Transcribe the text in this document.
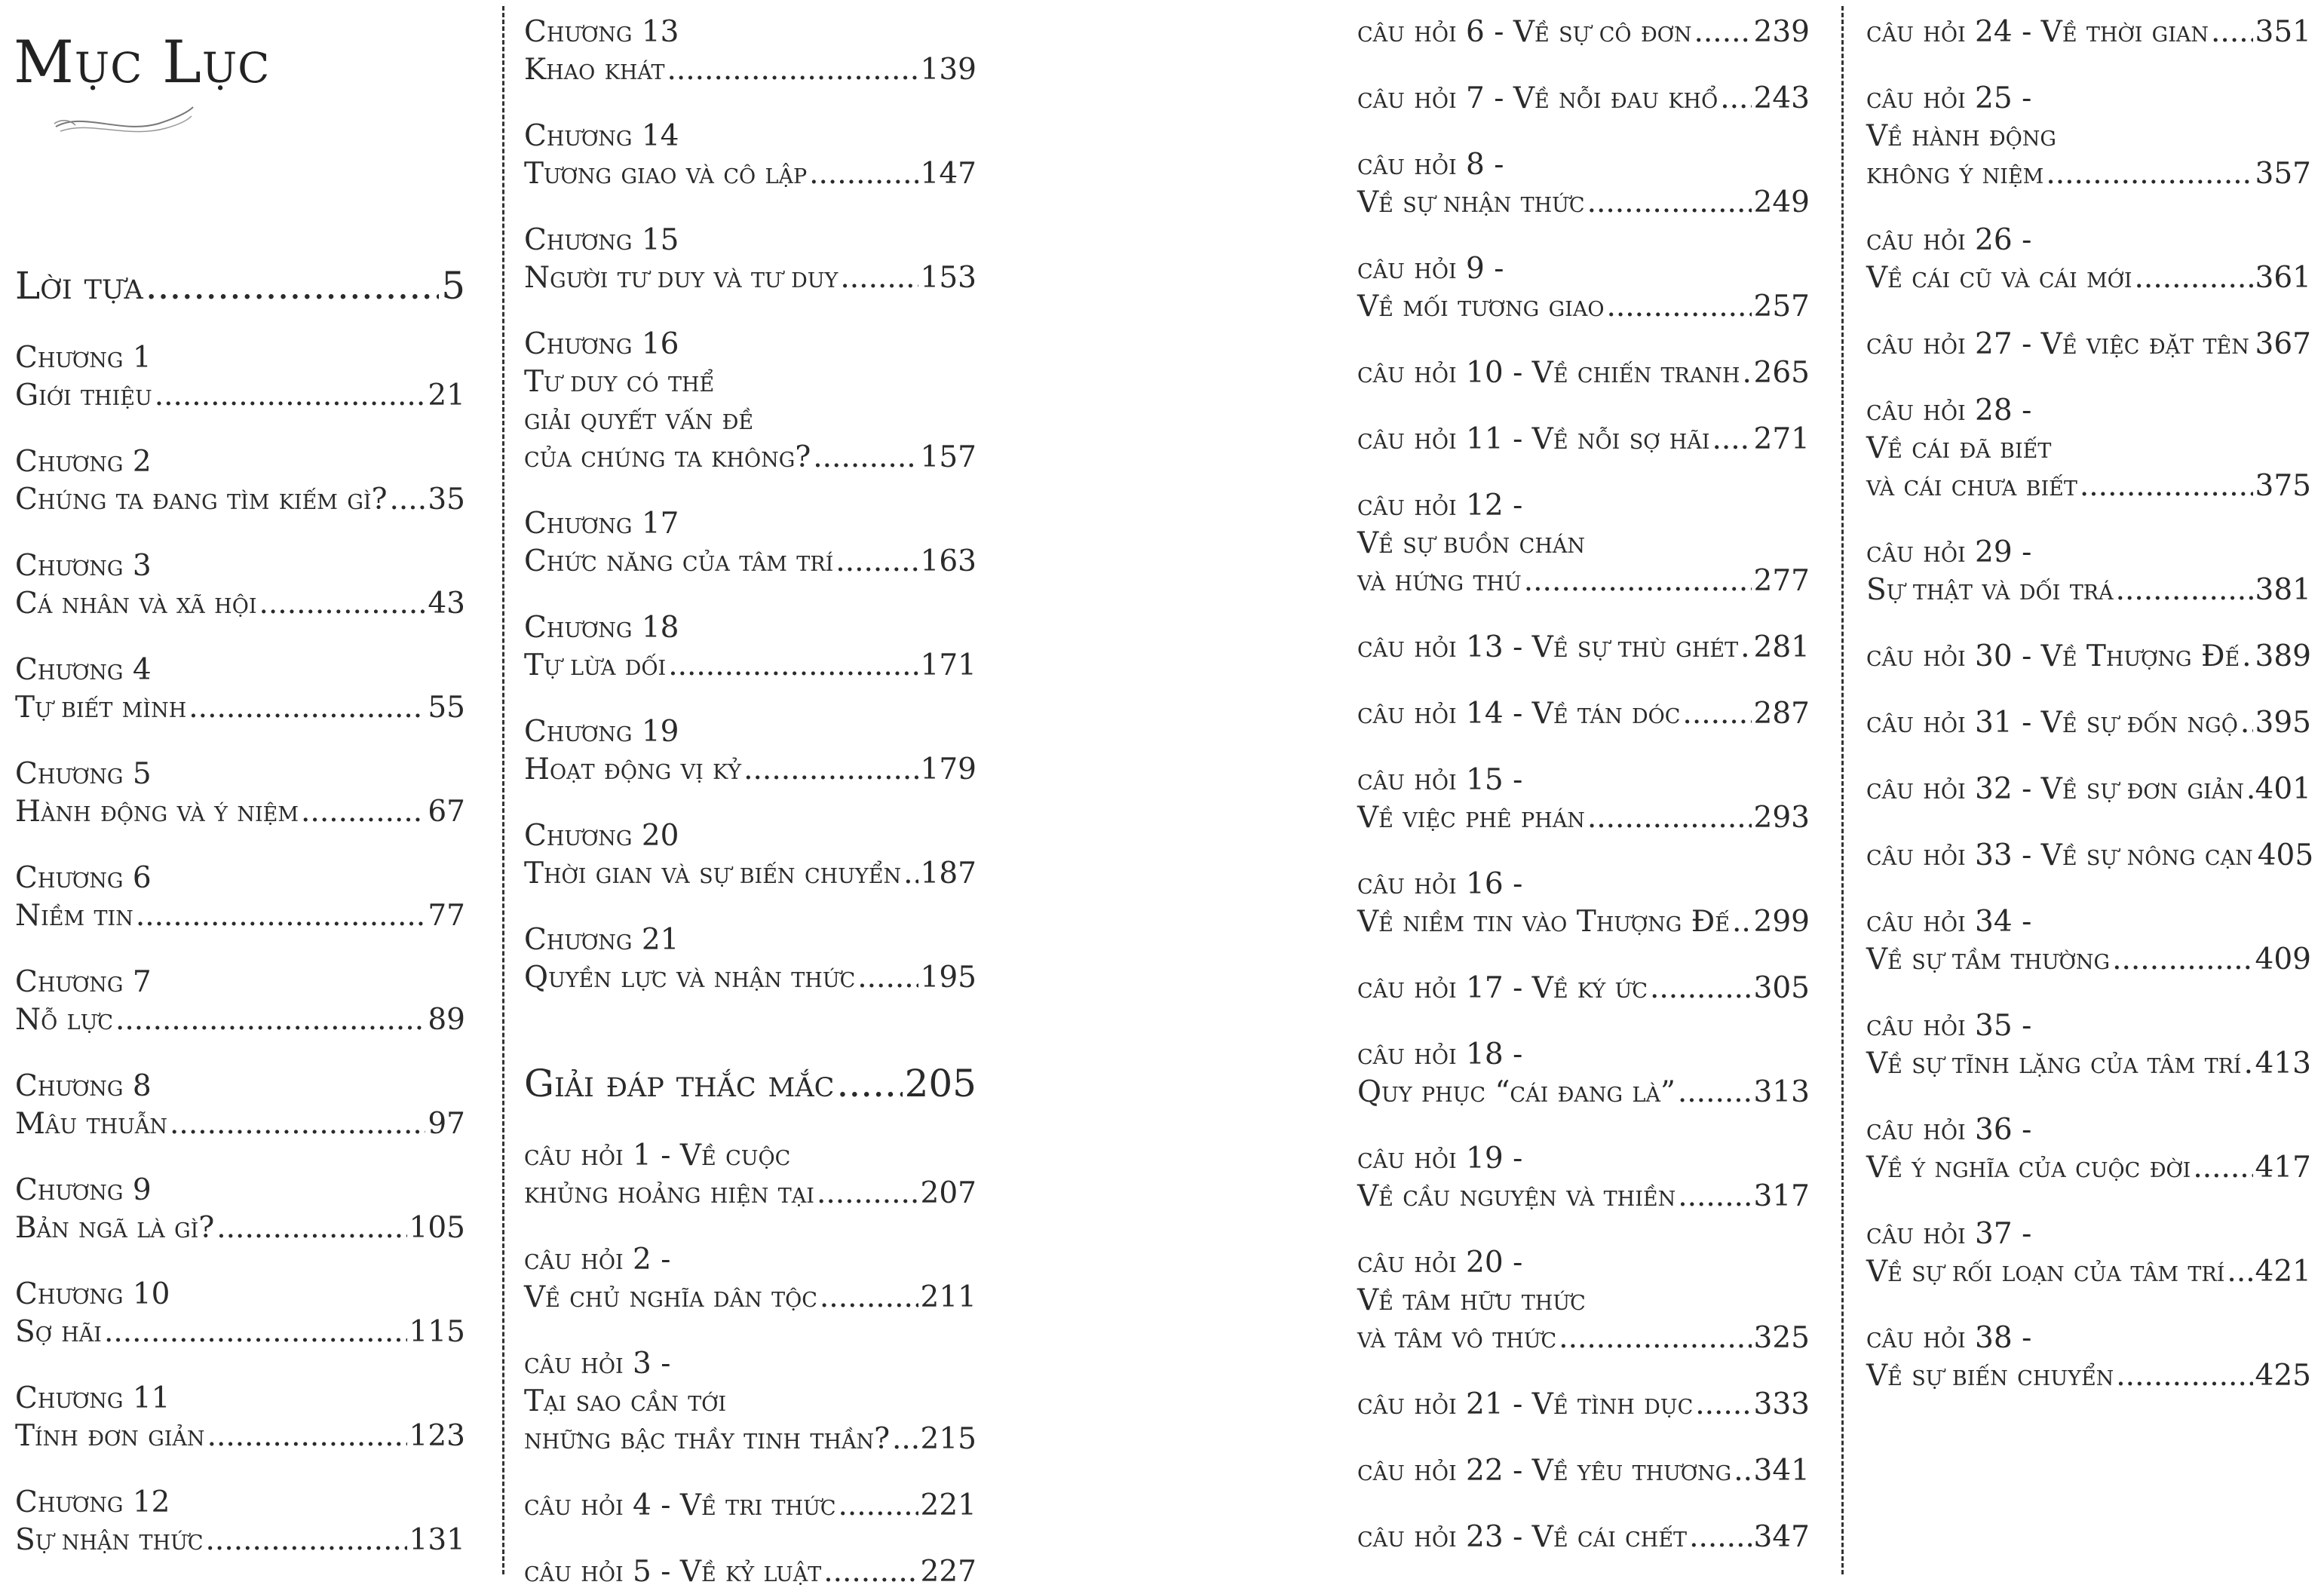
Mục Lục
Lời tựa .....	5
Chương 1
Giới thiệu .....	21
Chương 2
Chúng ta đang tìm kiếm gì? ..... 35
Chương 3
Cá nhân và xã hội .....	43
Chương 4
Tự biết mình .....	55
Chương 5
Hành động và ý niệm .....	67
Chương 6
Niềm tin .....	77
Chương 7
Nỗ lực .....	89
Chương 8
Mâu thuẫn .....	97
Chương 9
Bản ngã là gì? .....	105
Chương 10
Sợ hãi .....	115
Chương 11
Tính đơn giản .....	123
Chương 12
Sự nhận thức .....	131
Chương 13
Khao khát .....	139
Chương 14
Tương giao và cô lập .....	147
Chương 15
Người tư duy và tư duy .....	153
Chương 16
Tư duy có thể
giải quyết vấn đề
của chúng ta không? .....	157
Chương 17
Chức năng của tâm trí .....	163
Chương 18
Tự lừa dối .....	171
Chương 19
Hoạt động vị kỷ .....	179
Chương 20
Thời gian và sự biến chuyển ..... 187
Chương 21
Quyền lực và nhận thức ..... 195
Giải đáp thắc mắc ..... 205
câu hỏi 1 - Về cuộc
khủng hoảng hiện tại .....	207
câu hỏi 2 -
Về chủ nghĩa dân tộc .....	211
câu hỏi 3 -
Tại sao cần tới
những bậc thầy tinh thần? ..... 215
câu hỏi 4 - Về tri thức .....	221
câu hỏi 5 - Về kỷ luật .....	227
câu hỏi 6 - Về sự cô đơn ..... 239
câu hỏi 7 - Về nỗi đau khổ ..... 243
câu hỏi 8 -
Về sự nhận thức .....	249
câu hỏi 9 -
Về mối tương giao .....	257
câu hỏi 10 - Về chiến tranh ..... 265
câu hỏi 11 - Về nỗi sợ hãi ..... 271
câu hỏi 12 -
Về sự buồn chán
và hứng thú .....	277
câu hỏi 13 - Về sự thù ghét ..... 281
câu hỏi 14 - Về tán dóc ..... 287
câu hỏi 15 -
Về việc phê phán .....	293
câu hỏi 16 -
Về niềm tin vào Thượng Đế ..... 299
câu hỏi 17 - Về ký ức .....	305
câu hỏi 18 -
Quy phục “cái đang là” .....	313
câu hỏi 19 -
Về cầu nguyện và thiền .....	317
câu hỏi 20 -
Về tâm hữu thức
và tâm vô thức .....	325
câu hỏi 21 - Về tình dục ..... 333
câu hỏi 22 - Về yêu thương ..... 341
câu hỏi 23 - Về cái chết ..... 347
câu hỏi 24 - Về thời gian ..... 351
câu hỏi 25 -
Về hành động
không ý niệm .....	357
câu hỏi 26 -
Về cái cũ và cái mới .....	361
câu hỏi 27 - Về việc đặt tên ..... 367
câu hỏi 28 -
Về cái đã biết
và cái chưa biết .....	375
câu hỏi 29 -
Sự thật và dối trá .....	381
câu hỏi 30 - Về Thượng Đế ..... 389
câu hỏi 31 - Về sự đốn ngộ ..... 395
câu hỏi 32 - Về sự đơn giản ..... 401
câu hỏi 33 - Về sự nông cạn 405
câu hỏi 34 -
Về sự tầm thường .....	409
câu hỏi 35 -
Về sự tĩnh lặng của tâm trí ..... 413
câu hỏi 36 -
Về ý nghĩa của cuộc đời ..... 417
câu hỏi 37 -
Về sự rối loạn của tâm trí ..... 421
câu hỏi 38 -
Về sự biến chuyển .....	425
